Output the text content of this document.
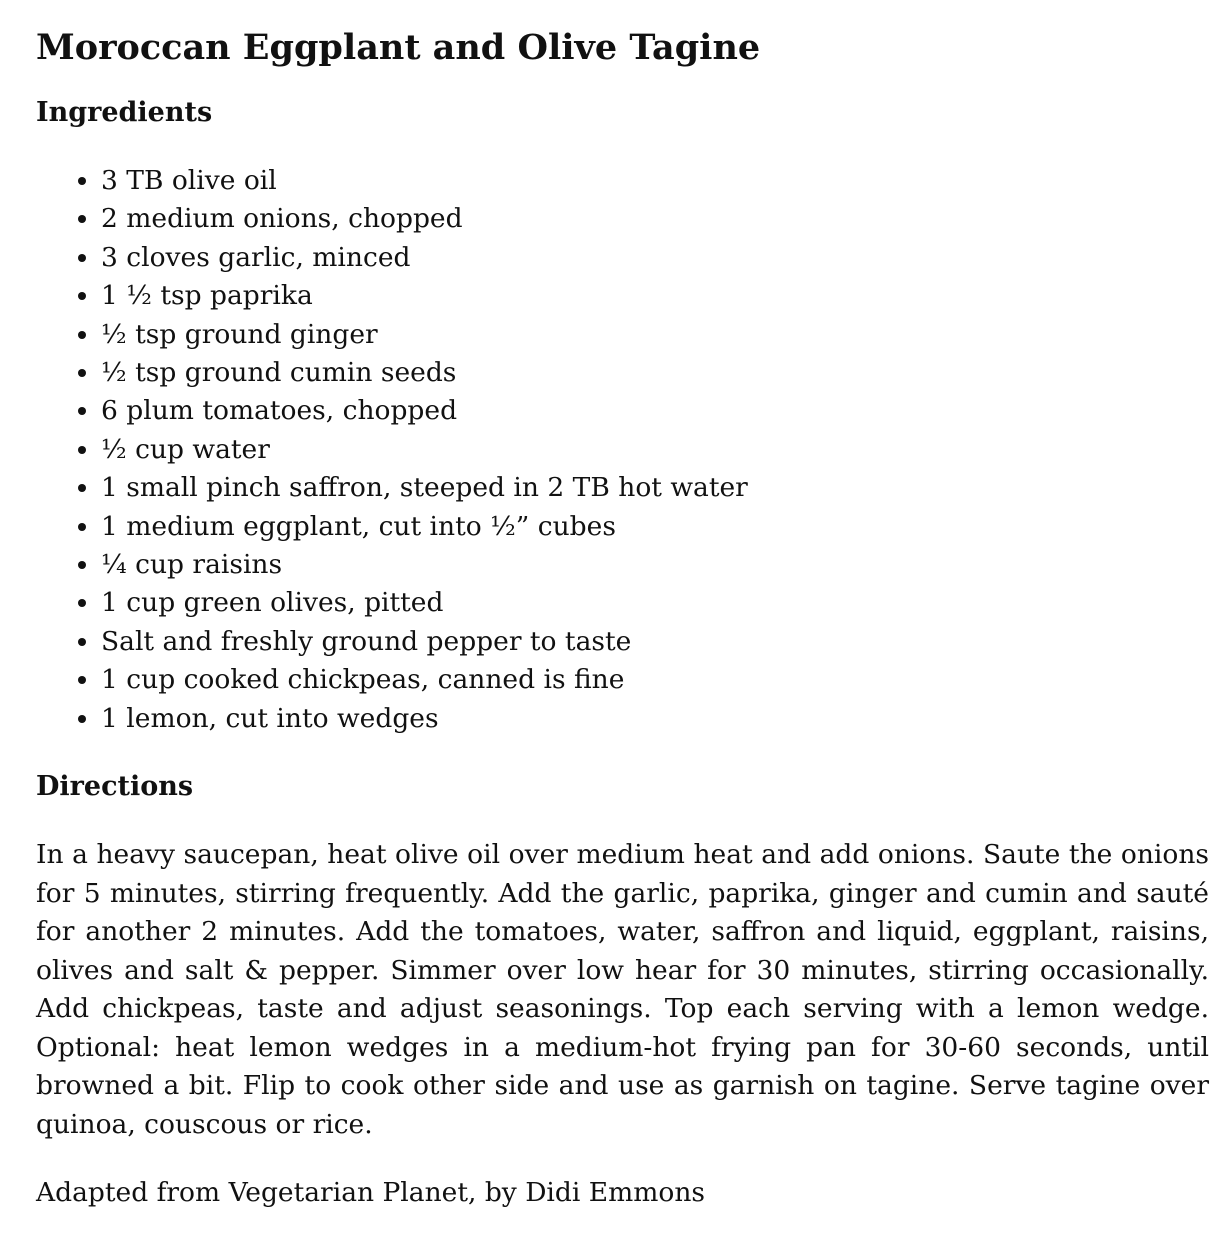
Moroccan Eggplant and Olive Tagine
Ingredients
• 3 TB olive oil
• 2 medium onions, chopped
• 3 cloves garlic, minced
• 1 ½ tsp paprika
• ½ tsp ground ginger
• ½ tsp ground cumin seeds
• 6 plum tomatoes, chopped
• ½ cup water
• 1 small pinch saffron, steeped in 2 TB hot water
• 1 medium eggplant, cut into ½” cubes
• ¼ cup raisins
• 1 cup green olives, pitted
• Salt and freshly ground pepper to taste
• 1 cup cooked chickpeas, canned is fine
• 1 lemon, cut into wedges
Directions

In a heavy saucepan, heat olive oil over medium heat and add onions. Saute the onions for 5 minutes, stirring frequently. Add the garlic, paprika, ginger and cumin and sauté for another 2 minutes. Add the tomatoes, water, saffron and liquid, eggplant, raisins, olives and salt & pepper. Simmer over low hear for 30 minutes, stirring occasionally. Add chickpeas, taste and adjust seasonings. Top each serving with a lemon wedge. Optional: heat lemon wedges in a medium-hot frying pan for 30-60 seconds, until browned a bit. Flip to cook other side and use as garnish on tagine. Serve tagine over quinoa, couscous or rice.

Adapted from Vegetarian Planet, by Didi Emmons
